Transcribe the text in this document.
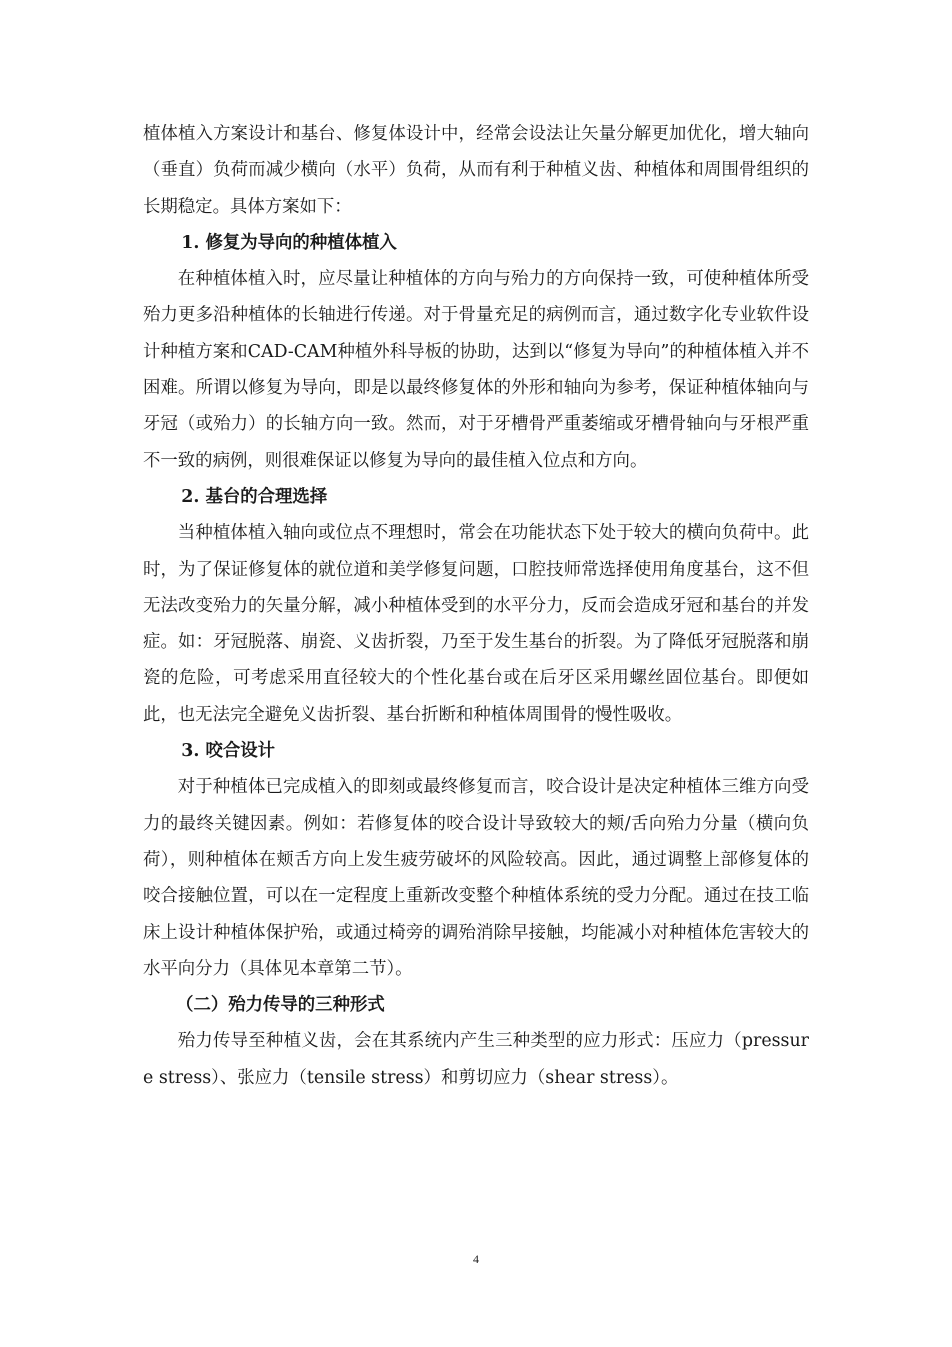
植体植入方案设计和基台、修复体设计中，经常会设法让矢量分解更加优化，增大轴向（垂直）负荷而减少横向（水平）负荷，从而有利于种植义齿、种植体和周围骨组织的长期稳定。具体方案如下：

1. 修复为导向的种植体植入

在种植体植入时，应尽量让种植体的方向与殆力的方向保持一致，可使种植体所受殆力更多沿种植体的长轴进行传递。对于骨量充足的病例而言，通过数字化专业软件设计种植方案和CAD-CAM种植外科导板的协助，达到以“修复为导向”的种植体植入并不困难。所谓以修复为导向，即是以最终修复体的外形和轴向为参考，保证种植体轴向与牙冠（或殆力）的长轴方向一致。然而，对于牙槽骨严重萎缩或牙槽骨轴向与牙根严重不一致的病例，则很难保证以修复为导向的最佳植入位点和方向。

2. 基台的合理选择

当种植体植入轴向或位点不理想时，常会在功能状态下处于较大的横向负荷中。此时，为了保证修复体的就位道和美学修复问题，口腔技师常选择使用角度基台，这不但无法改变殆力的矢量分解，减小种植体受到的水平分力，反而会造成牙冠和基台的并发症。如：牙冠脱落、崩瓷、义齿折裂，乃至于发生基台的折裂。为了降低牙冠脱落和崩瓷的危险，可考虑采用直径较大的个性化基台或在后牙区采用螺丝固位基台。即便如此，也无法完全避免义齿折裂、基台折断和种植体周围骨的慢性吸收。

3. 咬合设计

对于种植体已完成植入的即刻或最终修复而言，咬合设计是决定种植体三维方向受力的最终关键因素。例如：若修复体的咬合设计导致较大的颊/舌向殆力分量（横向负荷），则种植体在颊舌方向上发生疲劳破坏的风险较高。因此，通过调整上部修复体的咬合接触位置，可以在一定程度上重新改变整个种植体系统的受力分配。通过在技工临床上设计种植体保护殆，或通过椅旁的调殆消除早接触，均能减小对种植体危害较大的水平向分力（具体见本章第二节）。

（二）殆力传导的三种形式

殆力传导至种植义齿，会在其系统内产生三种类型的应力形式：压应力（pressure stress）、张应力（tensile stress）和剪切应力（shear stress）。

4
